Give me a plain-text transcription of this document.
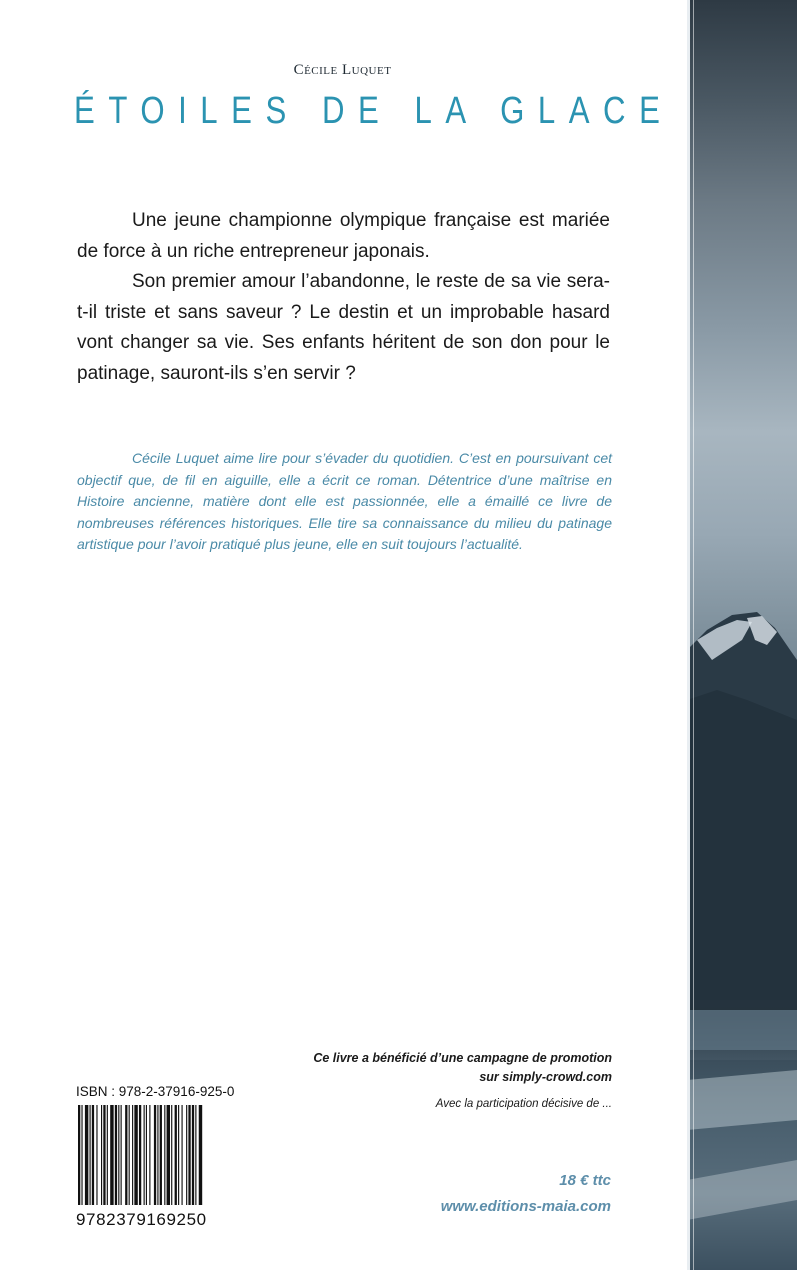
Cécile Luquet
ÉTOILES DE LA GLACE

Une jeune championne olympique française est mariée de force à un riche entrepreneur japonais.

Son premier amour l’abandonne, le reste de sa vie sera-t-il triste et sans saveur ? Le destin et un improbable hasard vont changer sa vie. Ses enfants héritent de son don pour le patinage, sauront-ils s’en servir ?

Cécile Luquet aime lire pour s’évader du quotidien. C’est en poursuivant cet objectif que, de fil en aiguille, elle a écrit ce roman. Détentrice d’une maîtrise en Histoire ancienne, matière dont elle est passionnée, elle a émaillé ce livre de nombreuses références historiques. Elle tire sa connaissance du milieu du patinage artistique pour l’avoir pratiqué plus jeune, elle en suit toujours l’actualité.
Ce livre a bénéficié d’une campagne de promotion
sur simply-crowd.com
Avec la participation décisive de ...
18 € ttc
www.editions-maia.com
ISBN : 978-2-37916-925-0
9782379169250
